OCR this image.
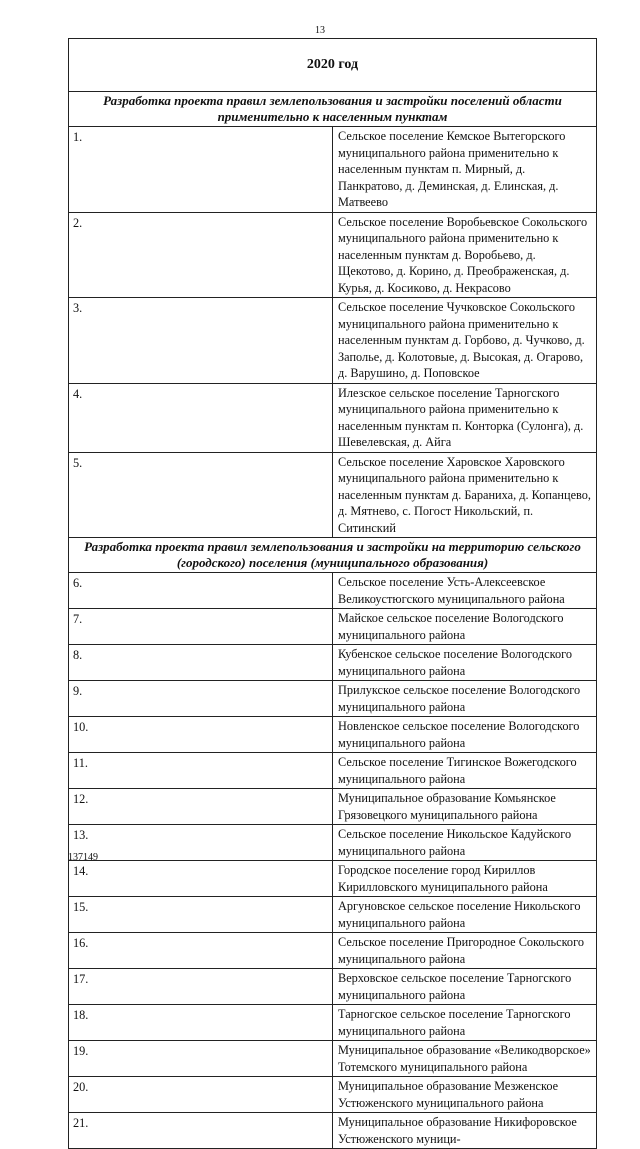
13
2020 год	
Разработка проекта правил землепользования и застройки поселений области применительно к населенным пунктам	
1.	Сельское поселение Кемское Вытегорского муниципального района применительно к населенным пунктам п. Мирный, д. Панкратово, д. Деминская, д. Елинская, д. Матвеево
2.	Сельское поселение Воробьевское Сокольского муниципального района применительно к населенным пунктам д. Воробьево, д. Щекотово, д. Корино, д. Преображенская, д. Курья, д. Косиково, д. Некрасово
3.	Сельское поселение Чучковское Сокольского муниципального района применительно к населенным пунктам д. Горбово, д. Чучково, д. Заполье, д. Колотовые, д. Высокая, д. Огарово, д. Варушино, д. Поповское
4.	Илезское сельское поселение Тарногского муниципального района применительно к населенным пунктам п. Конторка (Сулонга), д. Шевелевская, д. Айга
5.	Сельское поселение Харовское Харовского муниципального района применительно к населенным пунктам д. Бараниха, д. Копанцево, д. Мятнево, с. Погост Никольский, п. Ситинский
Разработка проекта правил землепользования и застройки на территорию сельского (городского) поселения (муниципального образования)	
6.	Сельское поселение Усть-Алексеевское Великоустюгского муниципального района
7.	Майское сельское поселение Вологодского муниципального района
8.	Кубенское сельское поселение Вологодского муниципального района
9.	Прилукское сельское поселение Вологодского муниципального района
10.	Новленское сельское поселение Вологодского муниципального района
11.	Сельское поселение Тигинское Вожегодского муниципального района
12.	Муниципальное образование Комьянское Грязовецкого муниципального района
13.	Сельское поселение Никольское Кадуйского муниципального района
14.	Городское поселение город Кириллов Кирилловского муниципального района
15.	Аргуновское сельское поселение Никольского муниципального района
16.	Сельское поселение Пригородное Сокольского муниципального района
17.	Верховское сельское поселение Тарногского муниципального района
18.	Тарногское сельское поселение Тарногского муниципального района
19.	Муниципальное образование «Великодворское» Тотемского муниципального района
20.	Муниципальное образование Мезженское Устюженского муниципального района
21.	Муниципальное образование Никифоровское Устюженского муници-
137149
